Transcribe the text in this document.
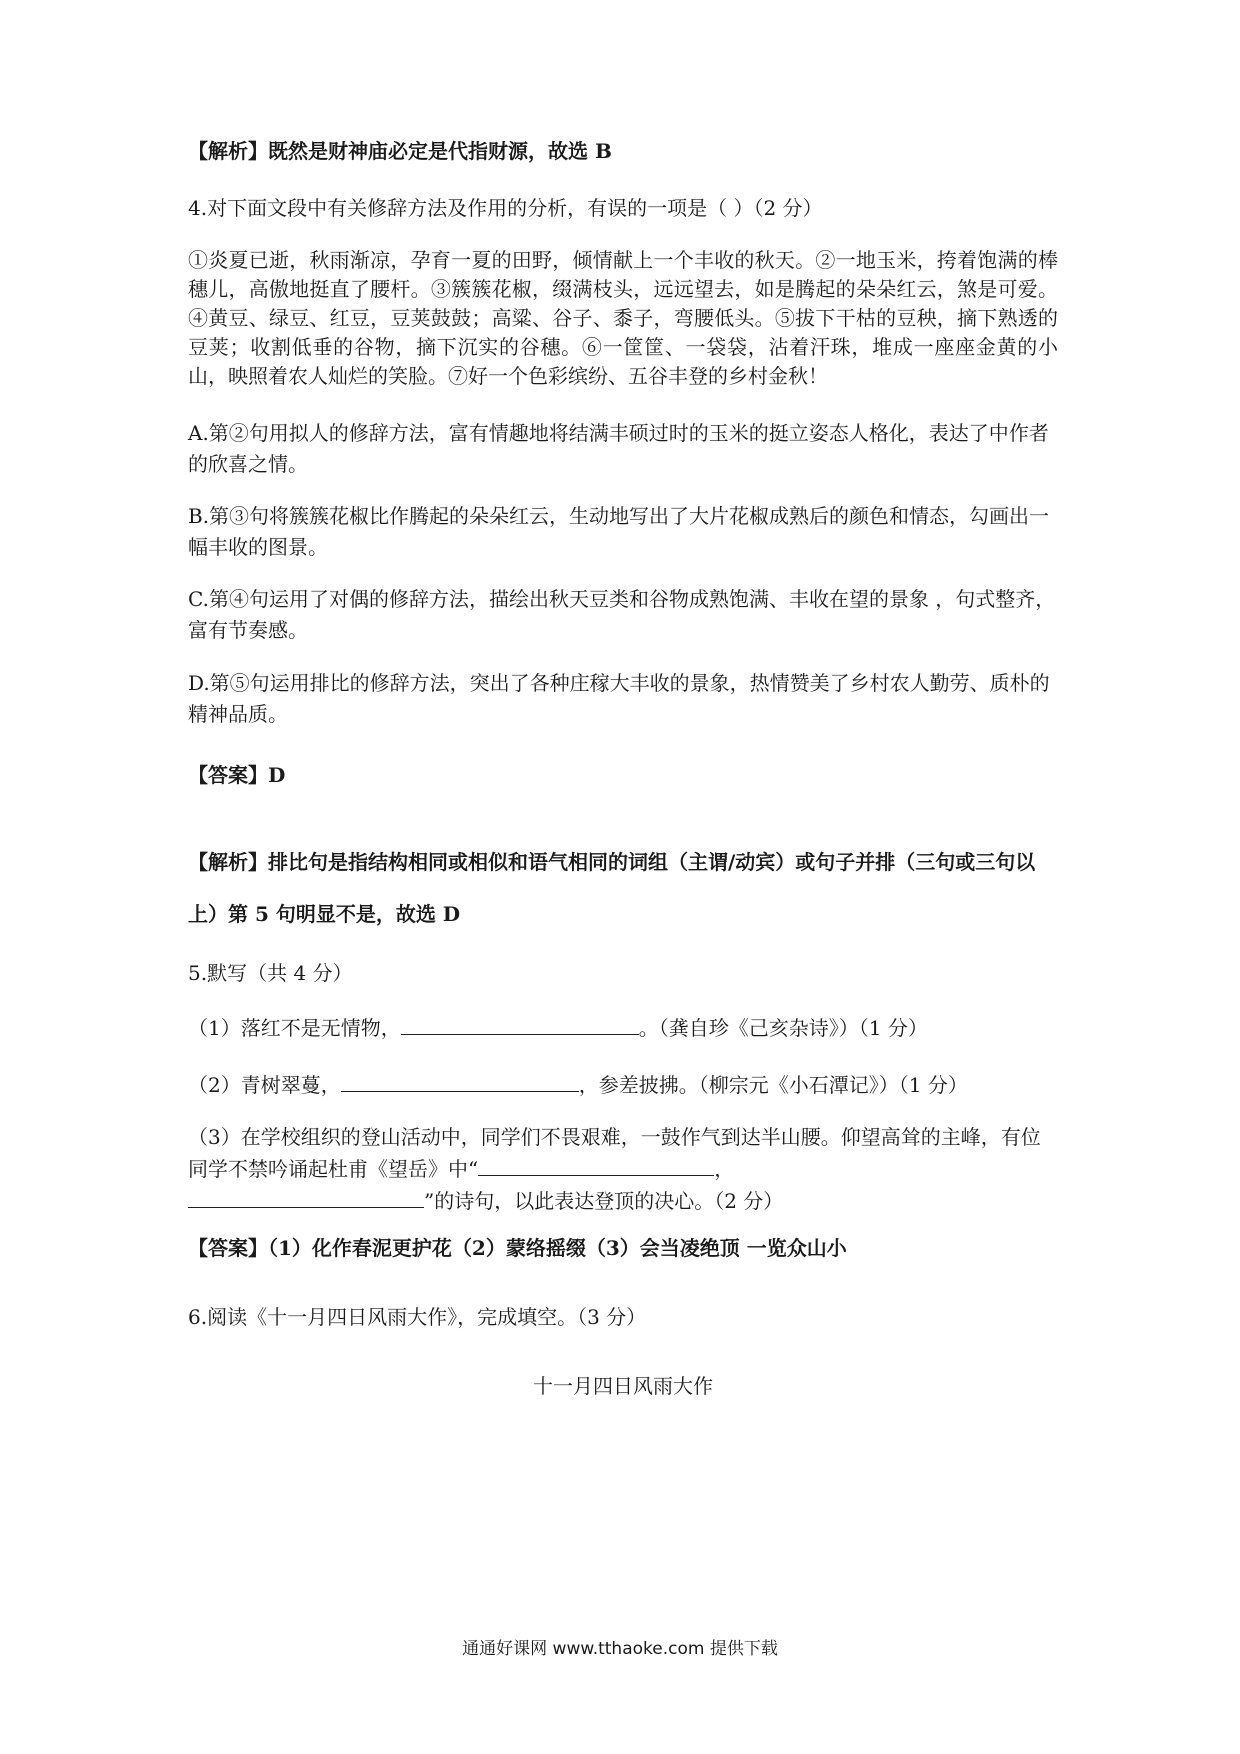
【解析】既然是财神庙必定是代指财源，故选 B
4.对下面文段中有关修辞方法及作用的分析，有误的一项是（ ）（2 分）
①炎夏已逝，秋雨渐凉，孕育一夏的田野，倾情献上一个丰收的秋天。②一地玉米，挎着饱满的棒穗儿，高傲地挺直了腰杆。③簇簇花椒，缀满枝头，远远望去，如是腾起的朵朵红云，煞是可爱。④黄豆、绿豆、红豆，豆荚鼓鼓；高粱、谷子、黍子，弯腰低头。⑤拔下干枯的豆秧，摘下熟透的豆荚；收割低垂的谷物，摘下沉实的谷穗。⑥一筐筐、一袋袋，沾着汗珠，堆成一座座金黄的小山，映照着农人灿烂的笑脸。⑦好一个色彩缤纷、五谷丰登的乡村金秋！
A.第②句用拟人的修辞方法，富有情趣地将结满丰硕过时的玉米的挺立姿态人格化，表达了中作者的欣喜之情。
B.第③句将簇簇花椒比作腾起的朵朵红云，生动地写出了大片花椒成熟后的颜色和情态，勾画出一幅丰收的图景。
C.第④句运用了对偶的修辞方法，描绘出秋天豆类和谷物成熟饱满、丰收在望的景象 ，句式整齐，富有节奏感。
D.第⑤句运用排比的修辞方法，突出了各种庄稼大丰收的景象，热情赞美了乡村农人勤劳、质朴的精神品质。
【答案】D
【解析】排比句是指结构相同或相似和语气相同的词组（主谓/动宾）或句子并排（三句或三句以上）第 5 句明显不是，故选 D
5.默写（共 4 分）
（1）落红不是无情物，	。（龚自珍《己亥杂诗》）（1 分）
（2）青树翠蔓，	，参差披拂。（柳宗元《小石潭记》）（1 分）
（3）在学校组织的登山活动中，同学们不畏艰难，一鼓作气到达半山腰。仰望高耸的主峰，有位同学不禁吟诵起杜甫《望岳》中“	，
”的诗句，以此表达登顶的决心。（2 分）
【答案】（1）化作春泥更护花（2）蒙络摇缀（3）会当凌绝顶 一览众山小
6.阅读《十一月四日风雨大作》，完成填空。（3 分）
十一月四日风雨大作
通通好课网 www.tthaoke.com 提供下载
